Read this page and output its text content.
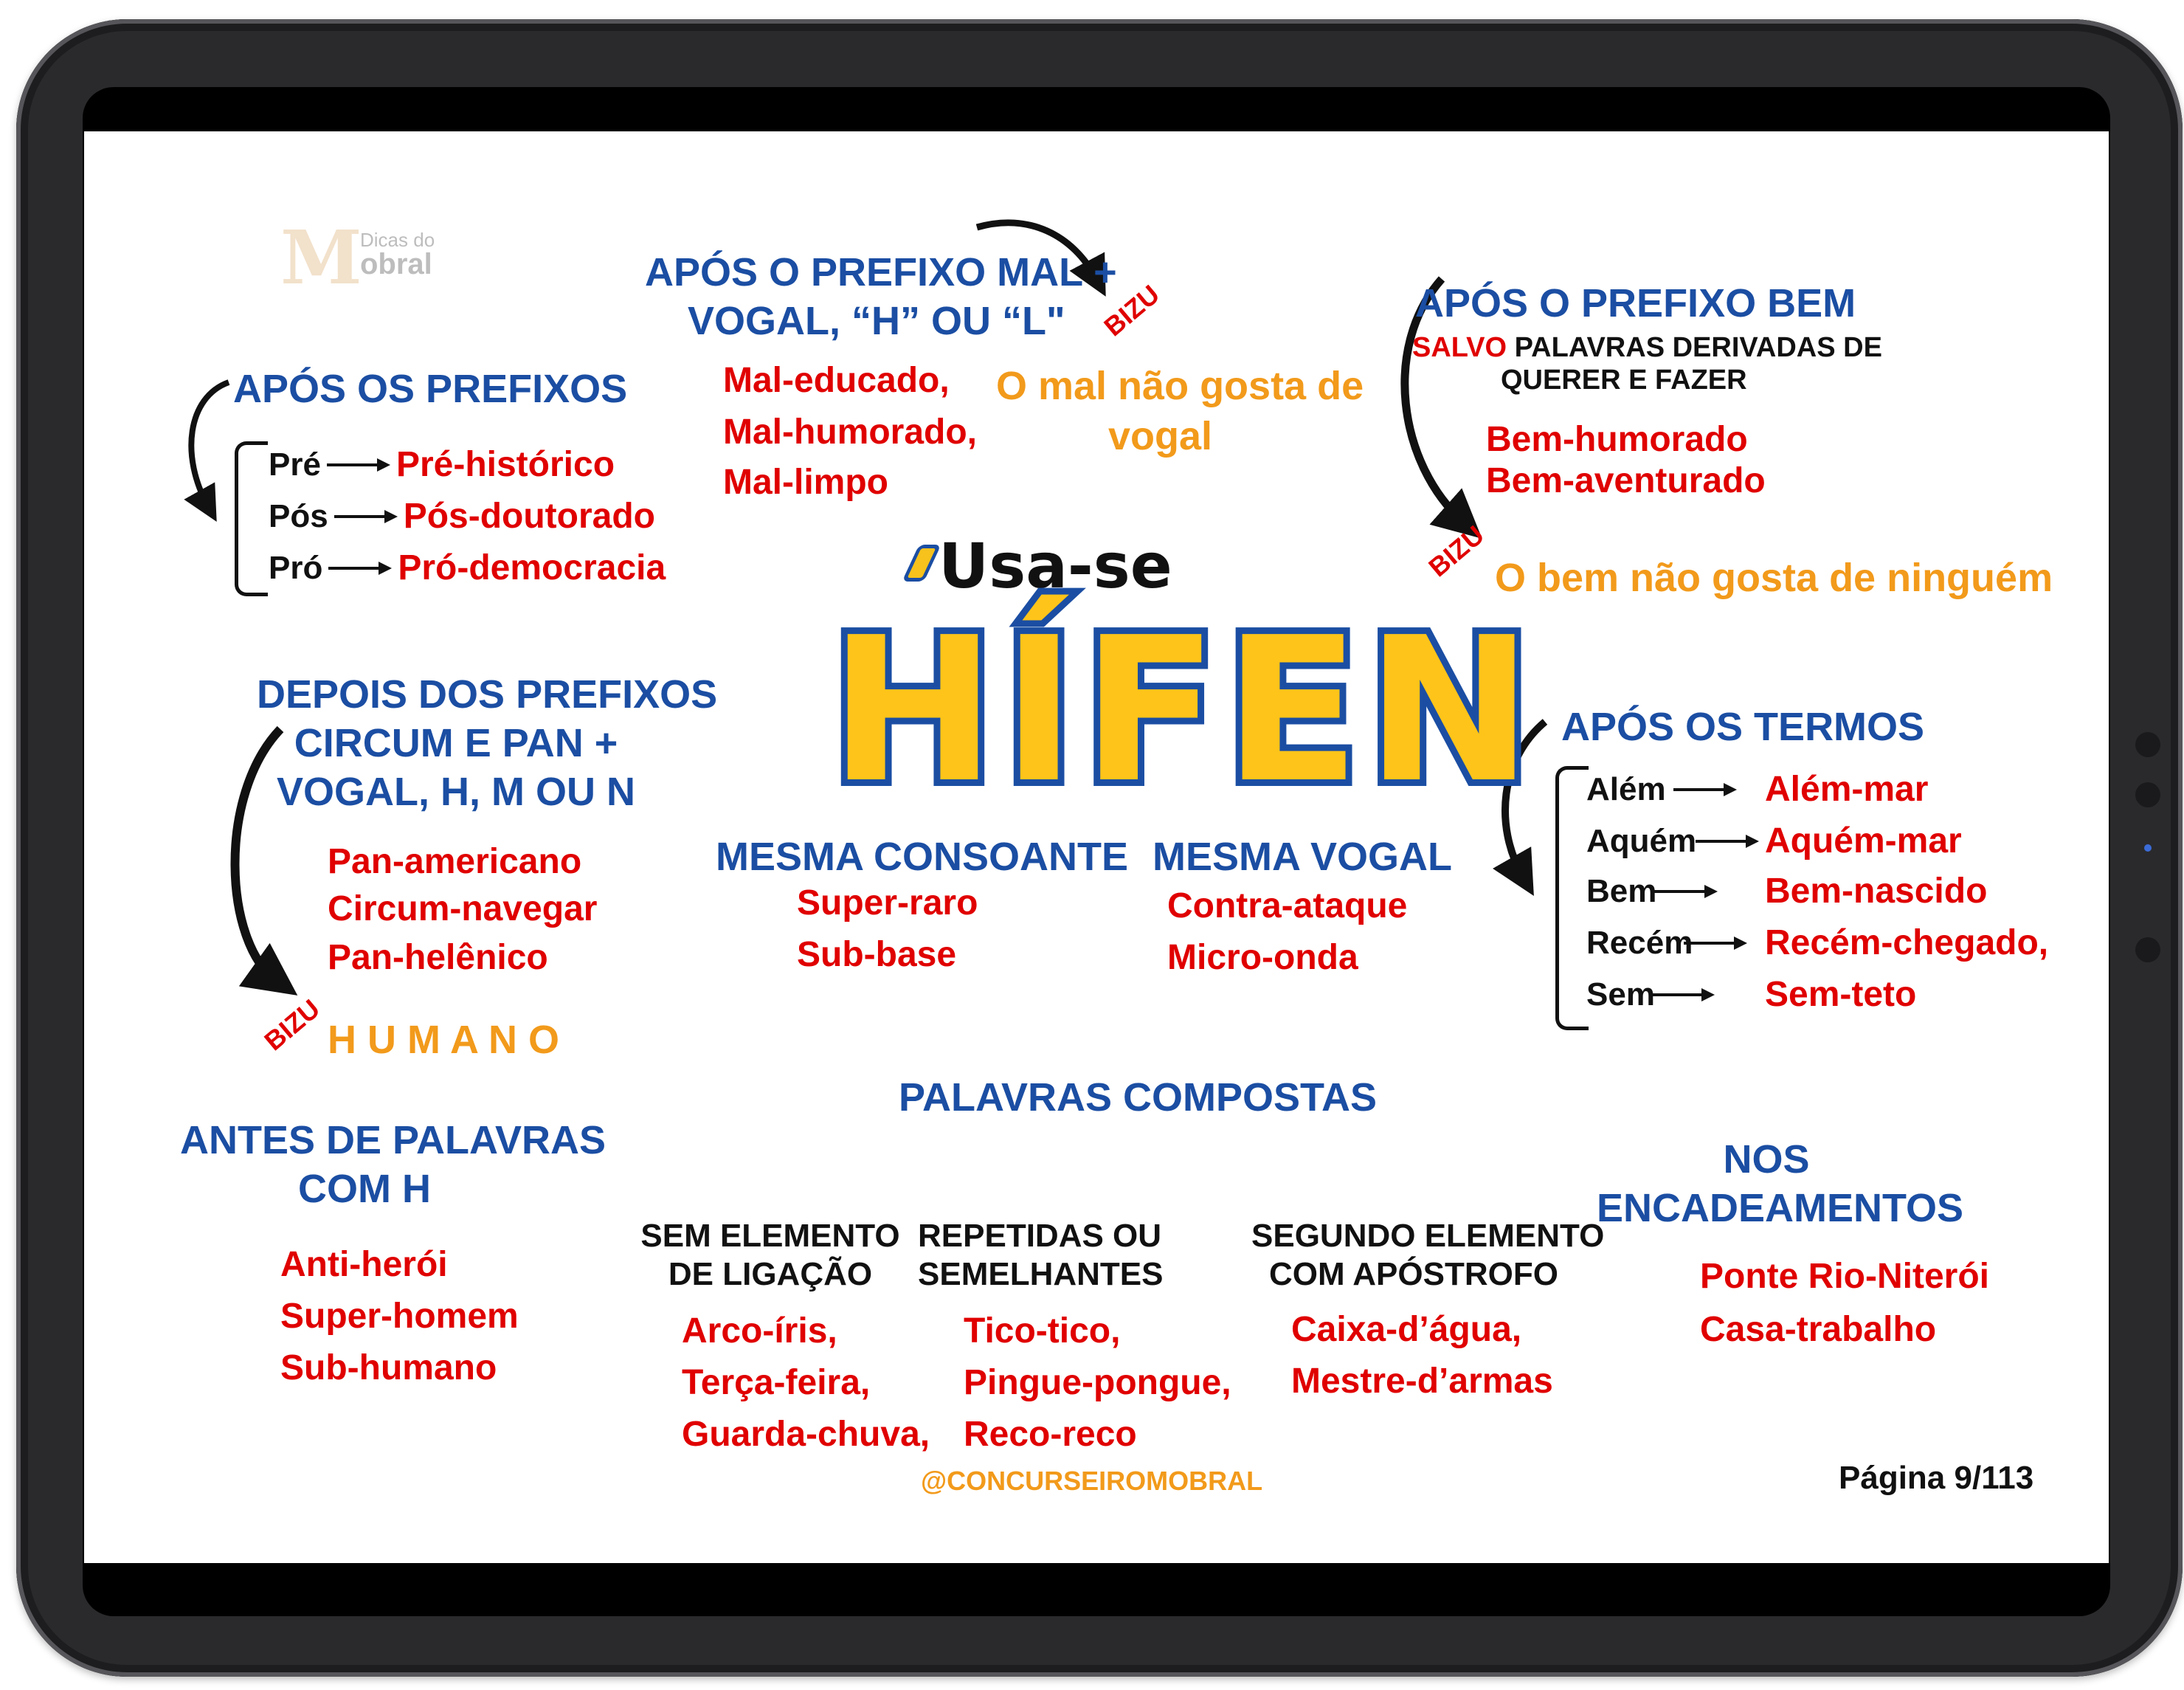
M
Dicas do
obral
APÓS OS PREFIXOS
Pré Pré-histórico
Pós Pós-doutorado
Pró Pró-democracia
APÓS O PREFIXO MAL +
VOGAL, “H” OU “L"
Mal-educado,
Mal-humorado,
Mal-limpo
BIZU
O mal não gosta de
vogal
APÓS O PREFIXO BEM
SALVO PALAVRAS DERIVADAS DE
QUERER E FAZER
Bem-humorado
Bem-aventurado
BIZU O bem não gosta de ninguém
Usa-se
HÍFEN
DEPOIS DOS PREFIXOS
CIRCUM E PAN +
VOGAL, H, M OU N
Pan-americano
Circum-navegar
Pan-helênico
BIZU H U M A N O
MESMA CONSOANTE
Super-raro
Sub-base
MESMA VOGAL
Contra-ataque
Micro-onda
APÓS OS TERMOS
Além	Além-mar
Aquém Aquém-mar
Bem	Bem-nascido
Recém Recém-chegado,
Sem	Sem-teto
PALAVRAS COMPOSTAS
ANTES DE PALAVRAS
COM H
Anti-herói
Super-homem
Sub-humano
SEM ELEMENTO
DE LIGAÇÃO
Arco-íris,
Terça-feira,
Guarda-chuva,
REPETIDAS OU
SEMELHANTES
Tico-tico,
Pingue-pongue,
Reco-reco
SEGUNDO ELEMENTO
COM APÓSTROFO
Caixa-d’água,
Mestre-d’armas
NOS
ENCADEAMENTOS
Ponte Rio-Niterói
Casa-trabalho
@CONCURSEIROMOBRAL	Página 9/113
